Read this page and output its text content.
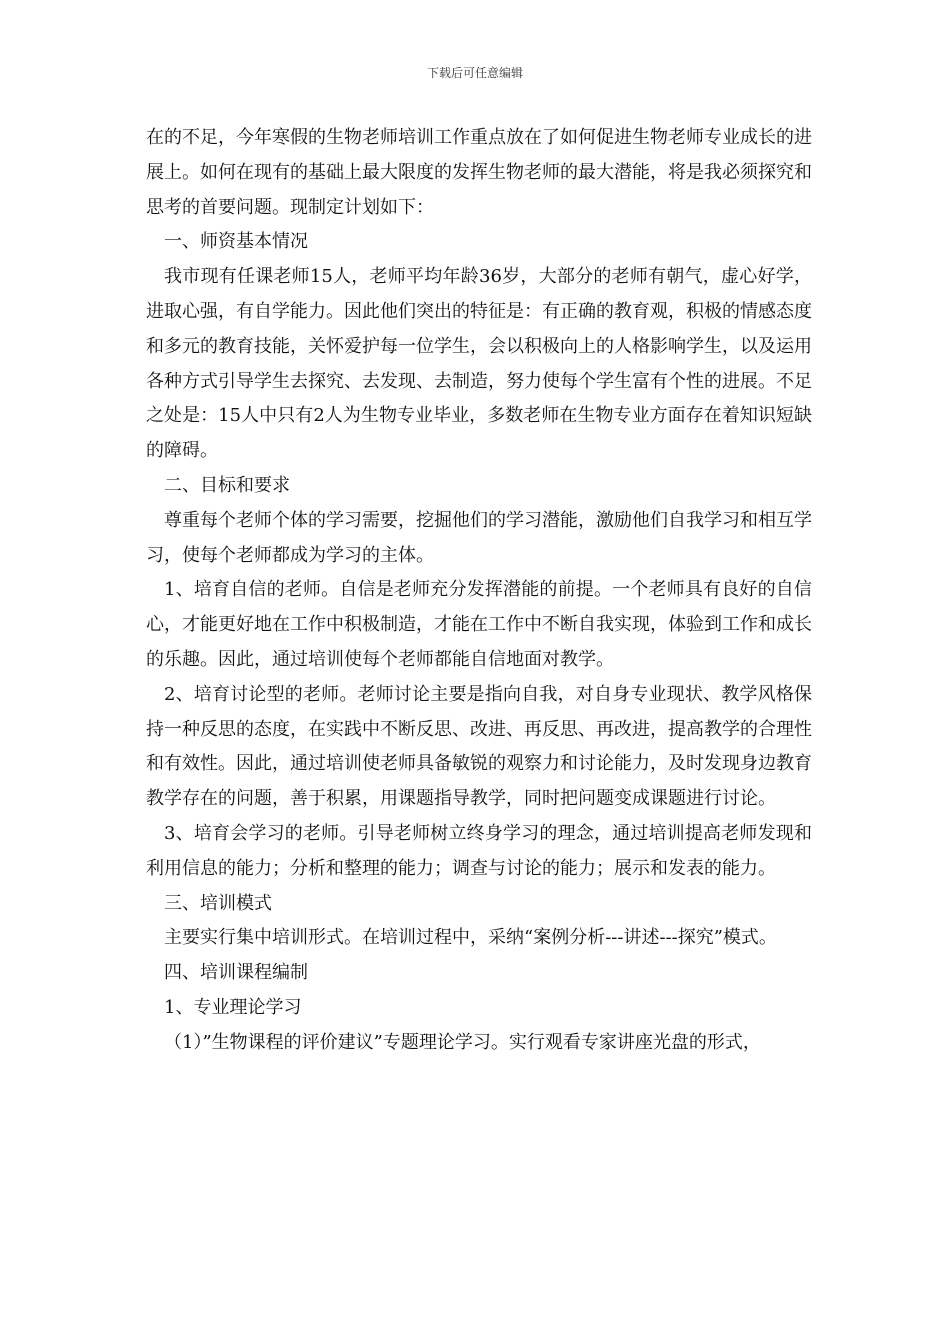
下载后可任意编辑

在的不足，今年寒假的生物老师培训工作重点放在了如何促进生物老师专业成长的进展上。如何在现有的基础上最大限度的发挥生物老师的最大潜能，将是我必须探究和思考的首要问题。现制定计划如下：

一、师资基本情况

我市现有任课老师15人，老师平均年龄36岁，大部分的老师有朝气，虚心好学，进取心强，有自学能力。因此他们突出的特征是：有正确的教育观，积极的情感态度和多元的教育技能，关怀爱护每一位学生，会以积极向上的人格影响学生，以及运用各种方式引导学生去探究、去发现、去制造，努力使每个学生富有个性的进展。不足之处是：15人中只有2人为生物专业毕业，多数老师在生物专业方面存在着知识短缺的障碍。

二、目标和要求

尊重每个老师个体的学习需要，挖掘他们的学习潜能，激励他们自我学习和相互学习，使每个老师都成为学习的主体。

1、培育自信的老师。自信是老师充分发挥潜能的前提。一个老师具有良好的自信心，才能更好地在工作中积极制造，才能在工作中不断自我实现，体验到工作和成长的乐趣。因此，通过培训使每个老师都能自信地面对教学。

2、培育讨论型的老师。老师讨论主要是指向自我，对自身专业现状、教学风格保持一种反思的态度，在实践中不断反思、改进、再反思、再改进，提高教学的合理性和有效性。因此，通过培训使老师具备敏锐的观察力和讨论能力，及时发现身边教育教学存在的问题，善于积累，用课题指导教学，同时把问题变成课题进行讨论。

3、培育会学习的老师。引导老师树立终身学习的理念，通过培训提高老师发现和利用信息的能力；分析和整理的能力；调查与讨论的能力；展示和发表的能力。

三、培训模式

主要实行集中培训形式。在培训过程中，采纳“案例分析---讲述---探究”模式。

四、培训课程编制

1、专业理论学习

（1）”生物课程的评价建议”专题理论学习。实行观看专家讲座光盘的形式，
